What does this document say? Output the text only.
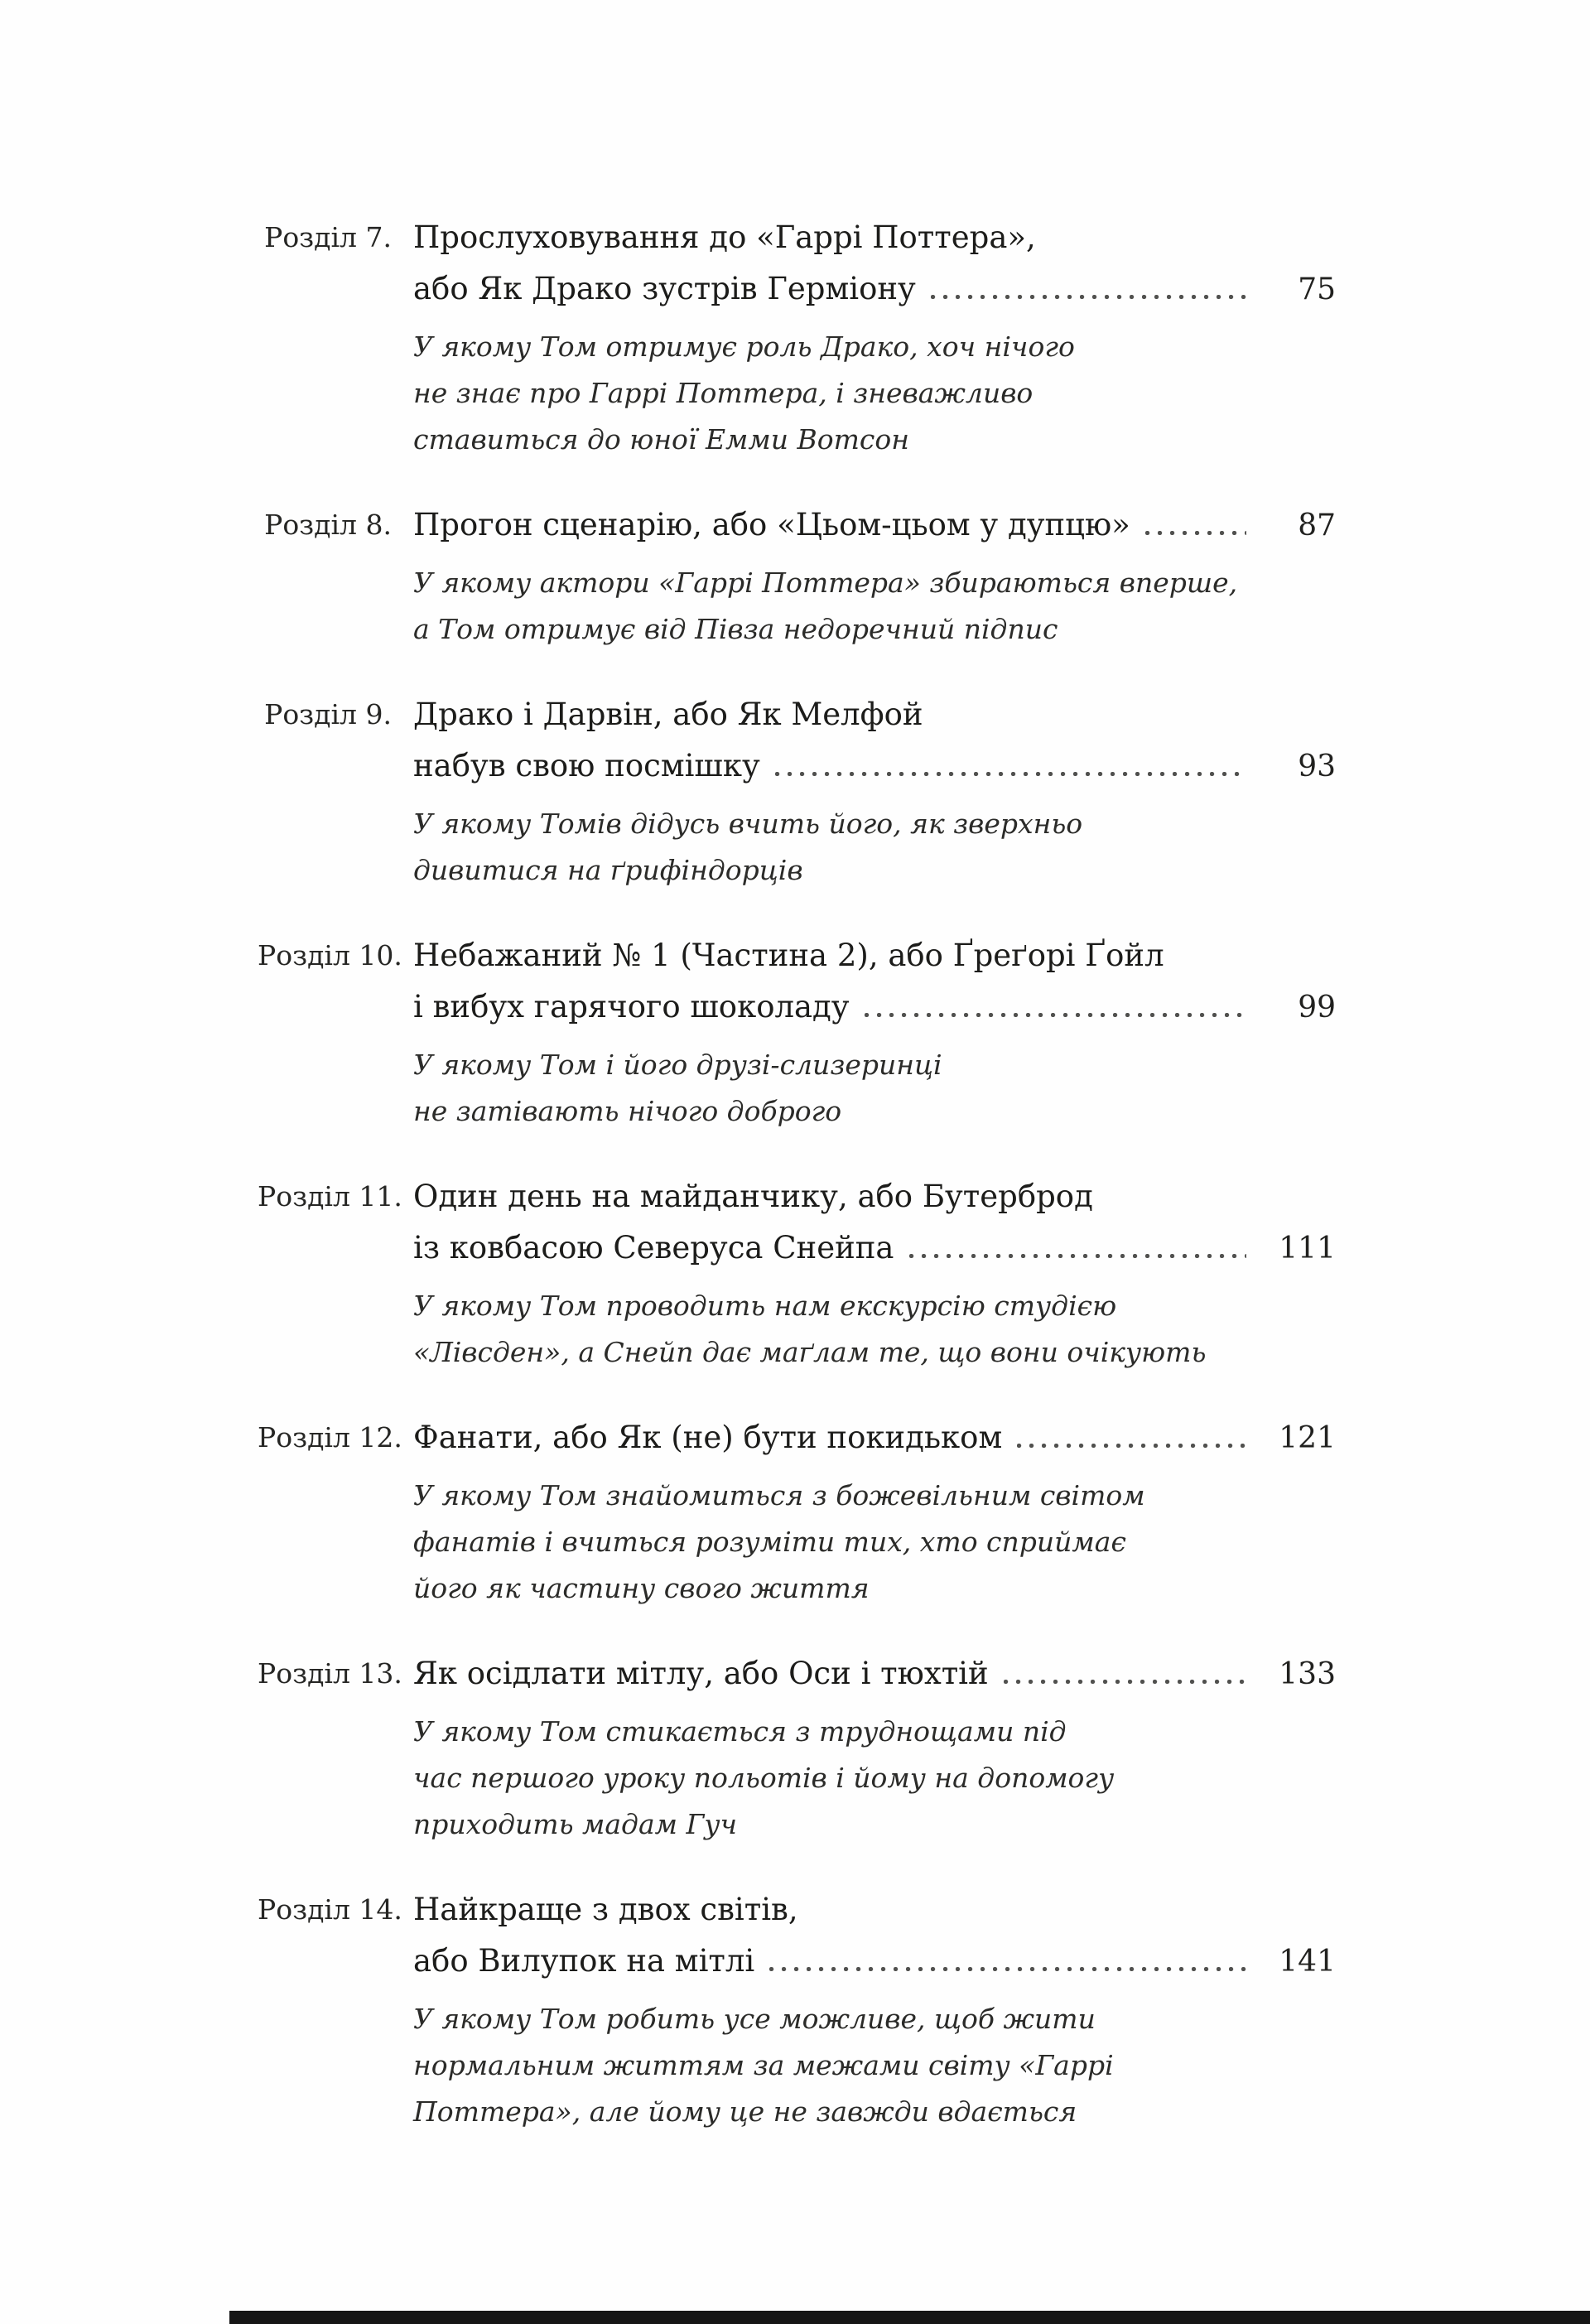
Розділ 7. Прослуховування до «Гаррі Поттера»,
або Як Драко зустрів Герміону	75
У якому Том отримує роль Драко, хоч нічого
не знає про Гаррі Поттера, і зневажливо
ставиться до юної Емми Вотсон
Розділ 8. Прогон сценарію, або «Цьом-цьом у дупцю»	87
У якому актори «Гаррі Поттера» збираються вперше,
а Том отримує від Півза недоречний підпис
Розділ 9. Драко і Дарвін, або Як Мелфой
набув свою посмішку	93
У якому Томів дідусь вчить його, як зверхньо
дивитися на ґрифіндорців
Розділ 10. Небажаний № 1 (Частина 2), або Ґреґорі Ґойл
і вибух гарячого шоколаду	99
У якому Том і його друзі-слизеринці
не затівають нічого доброго
Розділ 11. Один день на майданчику, або Бутерброд
із ковбасою Северуса Снейпа	111
У якому Том проводить нам екскурсію студією
«Лівсден», а Снейп дає маґлам те, що вони очікують
Розділ 12. Фанати, або Як (не) бути покидьком	121
У якому Том знайомиться з божевільним світом
фанатів і вчиться розуміти тих, хто сприймає
його як частину свого життя
Розділ 13. Як осідлати мітлу, або Оси і тюхтій	133
У якому Том стикається з труднощами під
час першого уроку польотів і йому на допомогу
приходить мадам Гуч
Розділ 14. Найкраще з двох світів,
або Вилупок на мітлі	141
У якому Том робить усе можливе, щоб жити
нормальним життям за межами світу «Гаррі
Поттера», але йому це не завжди вдається
